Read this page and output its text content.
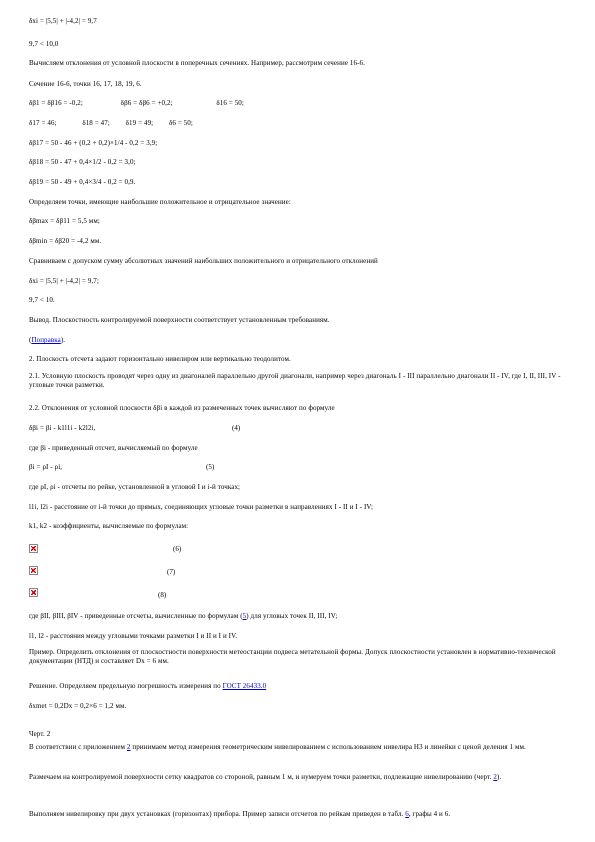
δxi = |5,5| + |-4,2| = 9,7
9,7 < 10,0
Вычисляем отклонения от условной плоскости в поперечных сечениях. Например, рассмотрим сечение 16-6.
Сечение 16-6, точки 16, 17, 18, 19, 6.
δβ1 = δβ16 = -0,2;	δβ6 = δβ6 = +0,2;	δ16 = 50;
δ17 = 46;	δ18 = 47; δ19 = 49; δ6 = 50;
δβ17 = 50 - 46 + (0,2 + 0,2)×1/4 - 0,2 = 3,9;
δβ18 = 50 - 47 + 0,4×1/2 - 0,2 = 3,0;
δβ19 = 50 - 49 + 0,4×3/4 - 0,2 = 0,9.
Определяем точки, имеющие наибольшие положительное и отрицательное значение:
δβmax = δβ11 = 5,5 мм;
δβmin = δβ20 = -4,2 мм.
Сравниваем с допуском сумму абсолютных значений наибольших положительного и отрицательного отклонений
δxi = |5,5| + |-4,2| = 9,7;
9,7 < 10.
Вывод. Плоскостность контролируемой поверхности соответствует установленным требованиям.
(Поправка).
2. Плоскость отсчета задают горизонтально нивелиром или вертикально теодолитом.
2.1. Условную плоскость проводят через одну из диагоналей параллельно другой диагонали, например через диагональ I - III параллельно диагонали II - IV, где I, II, III, IV - угловые точки разметки.
2.2. Отклонения от условной плоскости δβi в каждой из размеченных точек вычисляют по формуле
δβi = βi - k1l1i - k2l2i,	(4)
где βi - приведенный отсчет, вычисляемый по формуле
βi = ρI - ρi,	(5)
где ρI, ρi - отсчеты по рейке, установленной в угловой I и i-й точках;
l1i, l2i - расстояние от i-й точки до прямых, соединяющих угловые точки разметки в направлениях I - II и I - IV;
k1, k2 - коэффициенты, вычисляемые по формулам:
(6)
(7)
(8)
где βII, βIII, βIV - приведенные отсчеты, вычисленные по формулам (5) для угловых точек II, III, IV;
l1, l2 - расстояния между угловыми точками разметки I и II и I и IV.
Пример. Определить отклонения от плоскостности поверхности метеостанции подвеса метательной формы. Допуск плоскостности установлен в нормативно-технической документации (НТД) и составляет Dx = 6 мм.
Решение. Определяем предельную погрешность измерения по ГОСТ 26433.0
δxmet = 0,2Dx = 0,2×6 = 1,2 мм.
Черт. 2
В соответствии с приложением 2 принимаем метод измерения геометрическим нивелированием с использованием нивелира Н3 и линейки с ценой деления 1 мм.
Размечаем на контролируемой поверхности сетку квадратов со стороной, равным 1 м, и нумеруем точки разметки, подлежащие нивелированию (черт. 2).
Выполняем нивелировку при двух установках (горизонтах) прибора. Пример записи отсчетов по рейкам приведен в табл. 6, графы 4 и 6.
